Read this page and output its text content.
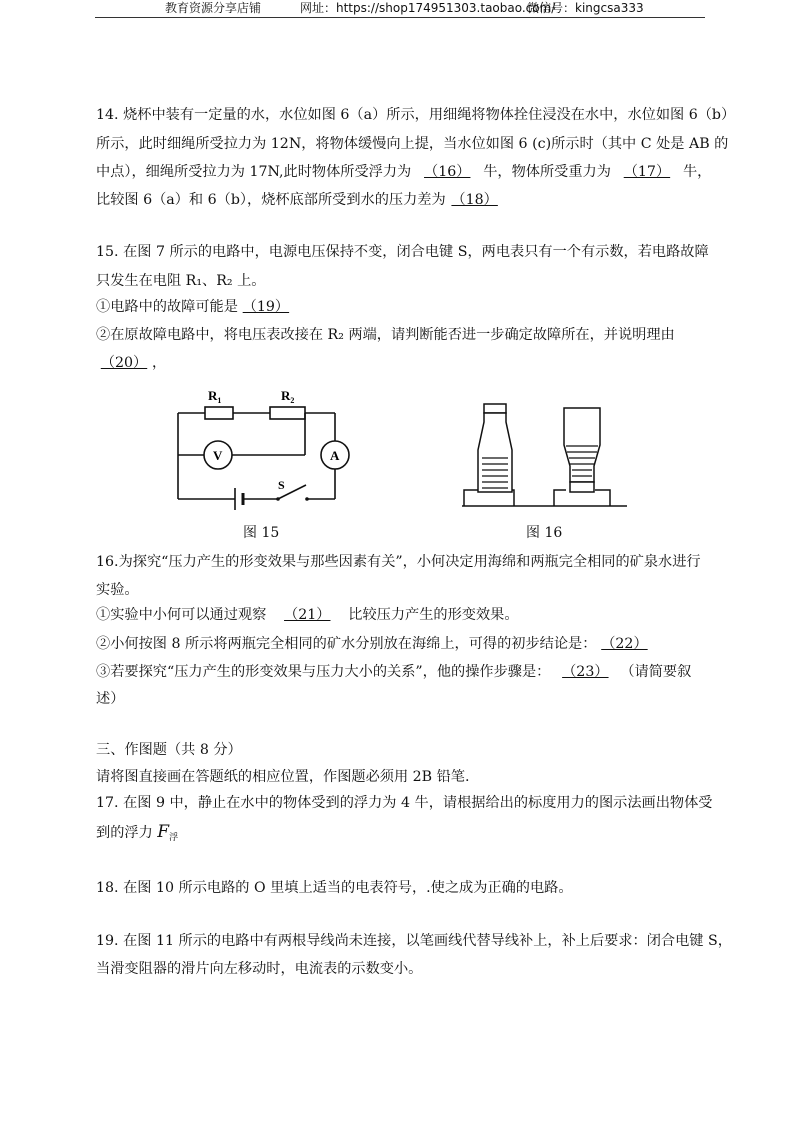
教育资源分享店铺	网址：https://shop174951303.taobao.com/
微信号：kingcsa333
14. 烧杯中装有一定量的水，水位如图 6（a）所示，用细绳将物体拴住浸没在水中，水位如图 6（b）
所示，此时细绳所受拉力为 12N，将物体缓慢向上提，当水位如图 6 (c)所示时（其中 C 处是 AB 的
中点），细绳所受拉力为 17N,此时物体所受浮力为 （16） 牛，物体所受重力为 （17） 牛，
比较图 6（a）和 6（b），烧杯底部所受到水的压力差为 （18）
15. 在图 7 所示的电路中，电源电压保持不变，闭合电键 S，两电表只有一个有示数，若电路故障
只发生在电阻 R₁、R₂ 上。
①电路中的故障可能是 （19）
②在原故障电路中，将电压表改接在 R₂ 两端，请判断能否进一步确定故障所在，并说明理由
（20） ，
$R_1$	$R_2$
V	A
S
图 15	图 16
16.为探究“压力产生的形变效果与那些因素有关”，小何决定用海绵和两瓶完全相同的矿泉水进行
实验。
①实验中小何可以通过观察 （21） 比较压力产生的形变效果。
②小何按图 8 所示将两瓶完全相同的矿水分别放在海绵上，可得的初步结论是： （22）
③若要探究“压力产生的形变效果与压力大小的关系”，他的操作步骤是： （23） （请简要叙
述）
三、作图题（共 8 分）
请将图直接画在答题纸的相应位置，作图题必须用 2B 铅笔.
17. 在图 9 中，静止在水中的物体受到的浮力为 4 牛，请根据给出的标度用力的图示法画出物体受
到的浮力 F浮
18. 在图 10 所示电路的 O 里填上适当的电表符号，.使之成为正确的电路。
19. 在图 11 所示的电路中有两根导线尚未连接，以笔画线代替导线补上，补上后要求：闭合电键 S，
当滑变阻器的滑片向左移动时，电流表的示数变小。
